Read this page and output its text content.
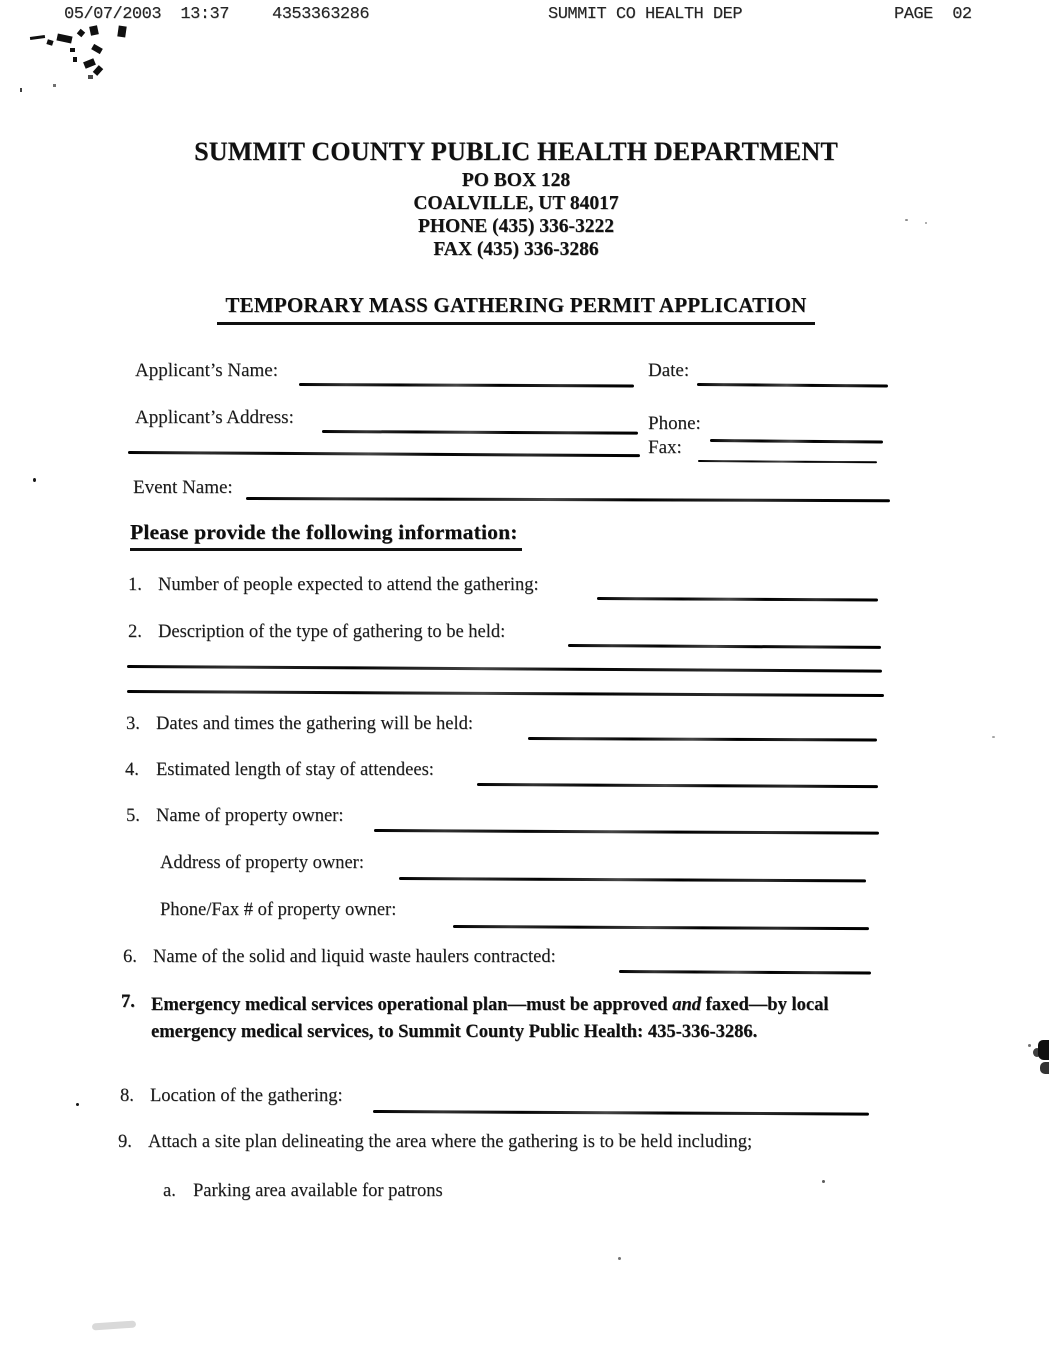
05/07/2003  13:37	4353363286	SUMMIT CO HEALTH DEP	PAGE  02
SUMMIT COUNTY PUBLIC HEALTH DEPARTMENT
PO BOX 128
COALVILLE, UT 84017
PHONE (435) 336-3222
FAX (435) 336-3286
TEMPORARY MASS GATHERING PERMIT APPLICATION
Applicant’s Name:	Date:
Applicant’s Address:	Phone:
Fax:
Event Name:
Please provide the following information:
1. Number of people expected to attend the gathering:
2. Description of the type of gathering to be held:
3. Dates and times the gathering will be held:
4. Estimated length of stay of attendees:
5. Name of property owner:
Address of property owner:
Phone/Fax # of property owner:
6. Name of the solid and liquid waste haulers contracted:
7. Emergency medical services operational plan—must be approved and faxed—by local emergency medical services, to Summit County Public Health: 435-336-3286.
8. Location of the gathering:
9. Attach a site plan delineating the area where the gathering is to be held including;
a. Parking area available for patrons
